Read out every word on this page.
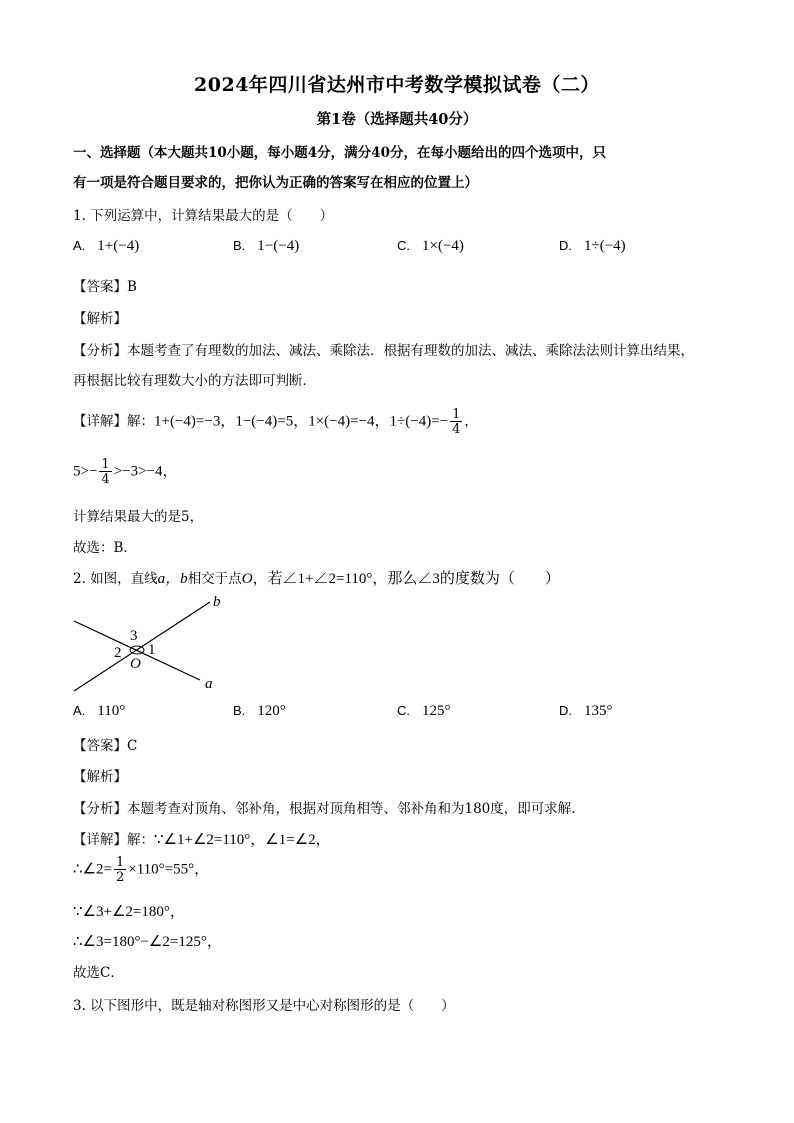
2024年四川省达州市中考数学模拟试卷（二）
第1卷（选择题共40分）
一、选择题（本大题共10小题，每小题4分，满分40分，在每小题给出的四个选项中，只
有一项是符合题目要求的，把你认为正确的答案写在相应的位置上）
1. 下列运算中，计算结果最大的是（　　）
A. 1+(−4)	B. 1−(−4)	C. 1×(−4)	D. 1÷(−4)
【答案】B
【解析】
【分析】本题考查了有理数的加法、减法、乘除法．根据有理数的加法、减法、乘除法法则计算出结果，
再根据比较有理数大小的方法即可判断．
【详解】解：1+(−4)=−3，1−(−4)=5，1×(−4)=−4，$1\div(-4)=- \frac{1}{4}$ ，
$5>- \frac{1}{4} >-3>-4$，
计算结果最大的是5，
故选：B．
2. 如图，直线a，b相交于点O，若∠1+∠2=110°，那么∠3的度数为（　　）
b
a
O
1
2
3
A. 110°	B. 120°	C. 125°	D. 135°
【答案】C
【解析】
【分析】本题考查对顶角、邻补角，根据对顶角相等、邻补角和为180度，即可求解．
【详解】解：∵∠1+∠2=110°，∠1=∠2，
∴∠2= $\frac{1}{2} \times 110^\circ=55^\circ$，
∵∠3+∠2=180°，
∴∠3=180°−∠2=125°，
故选C．
3. 以下图形中，既是轴对称图形又是中心对称图形的是（　　）
